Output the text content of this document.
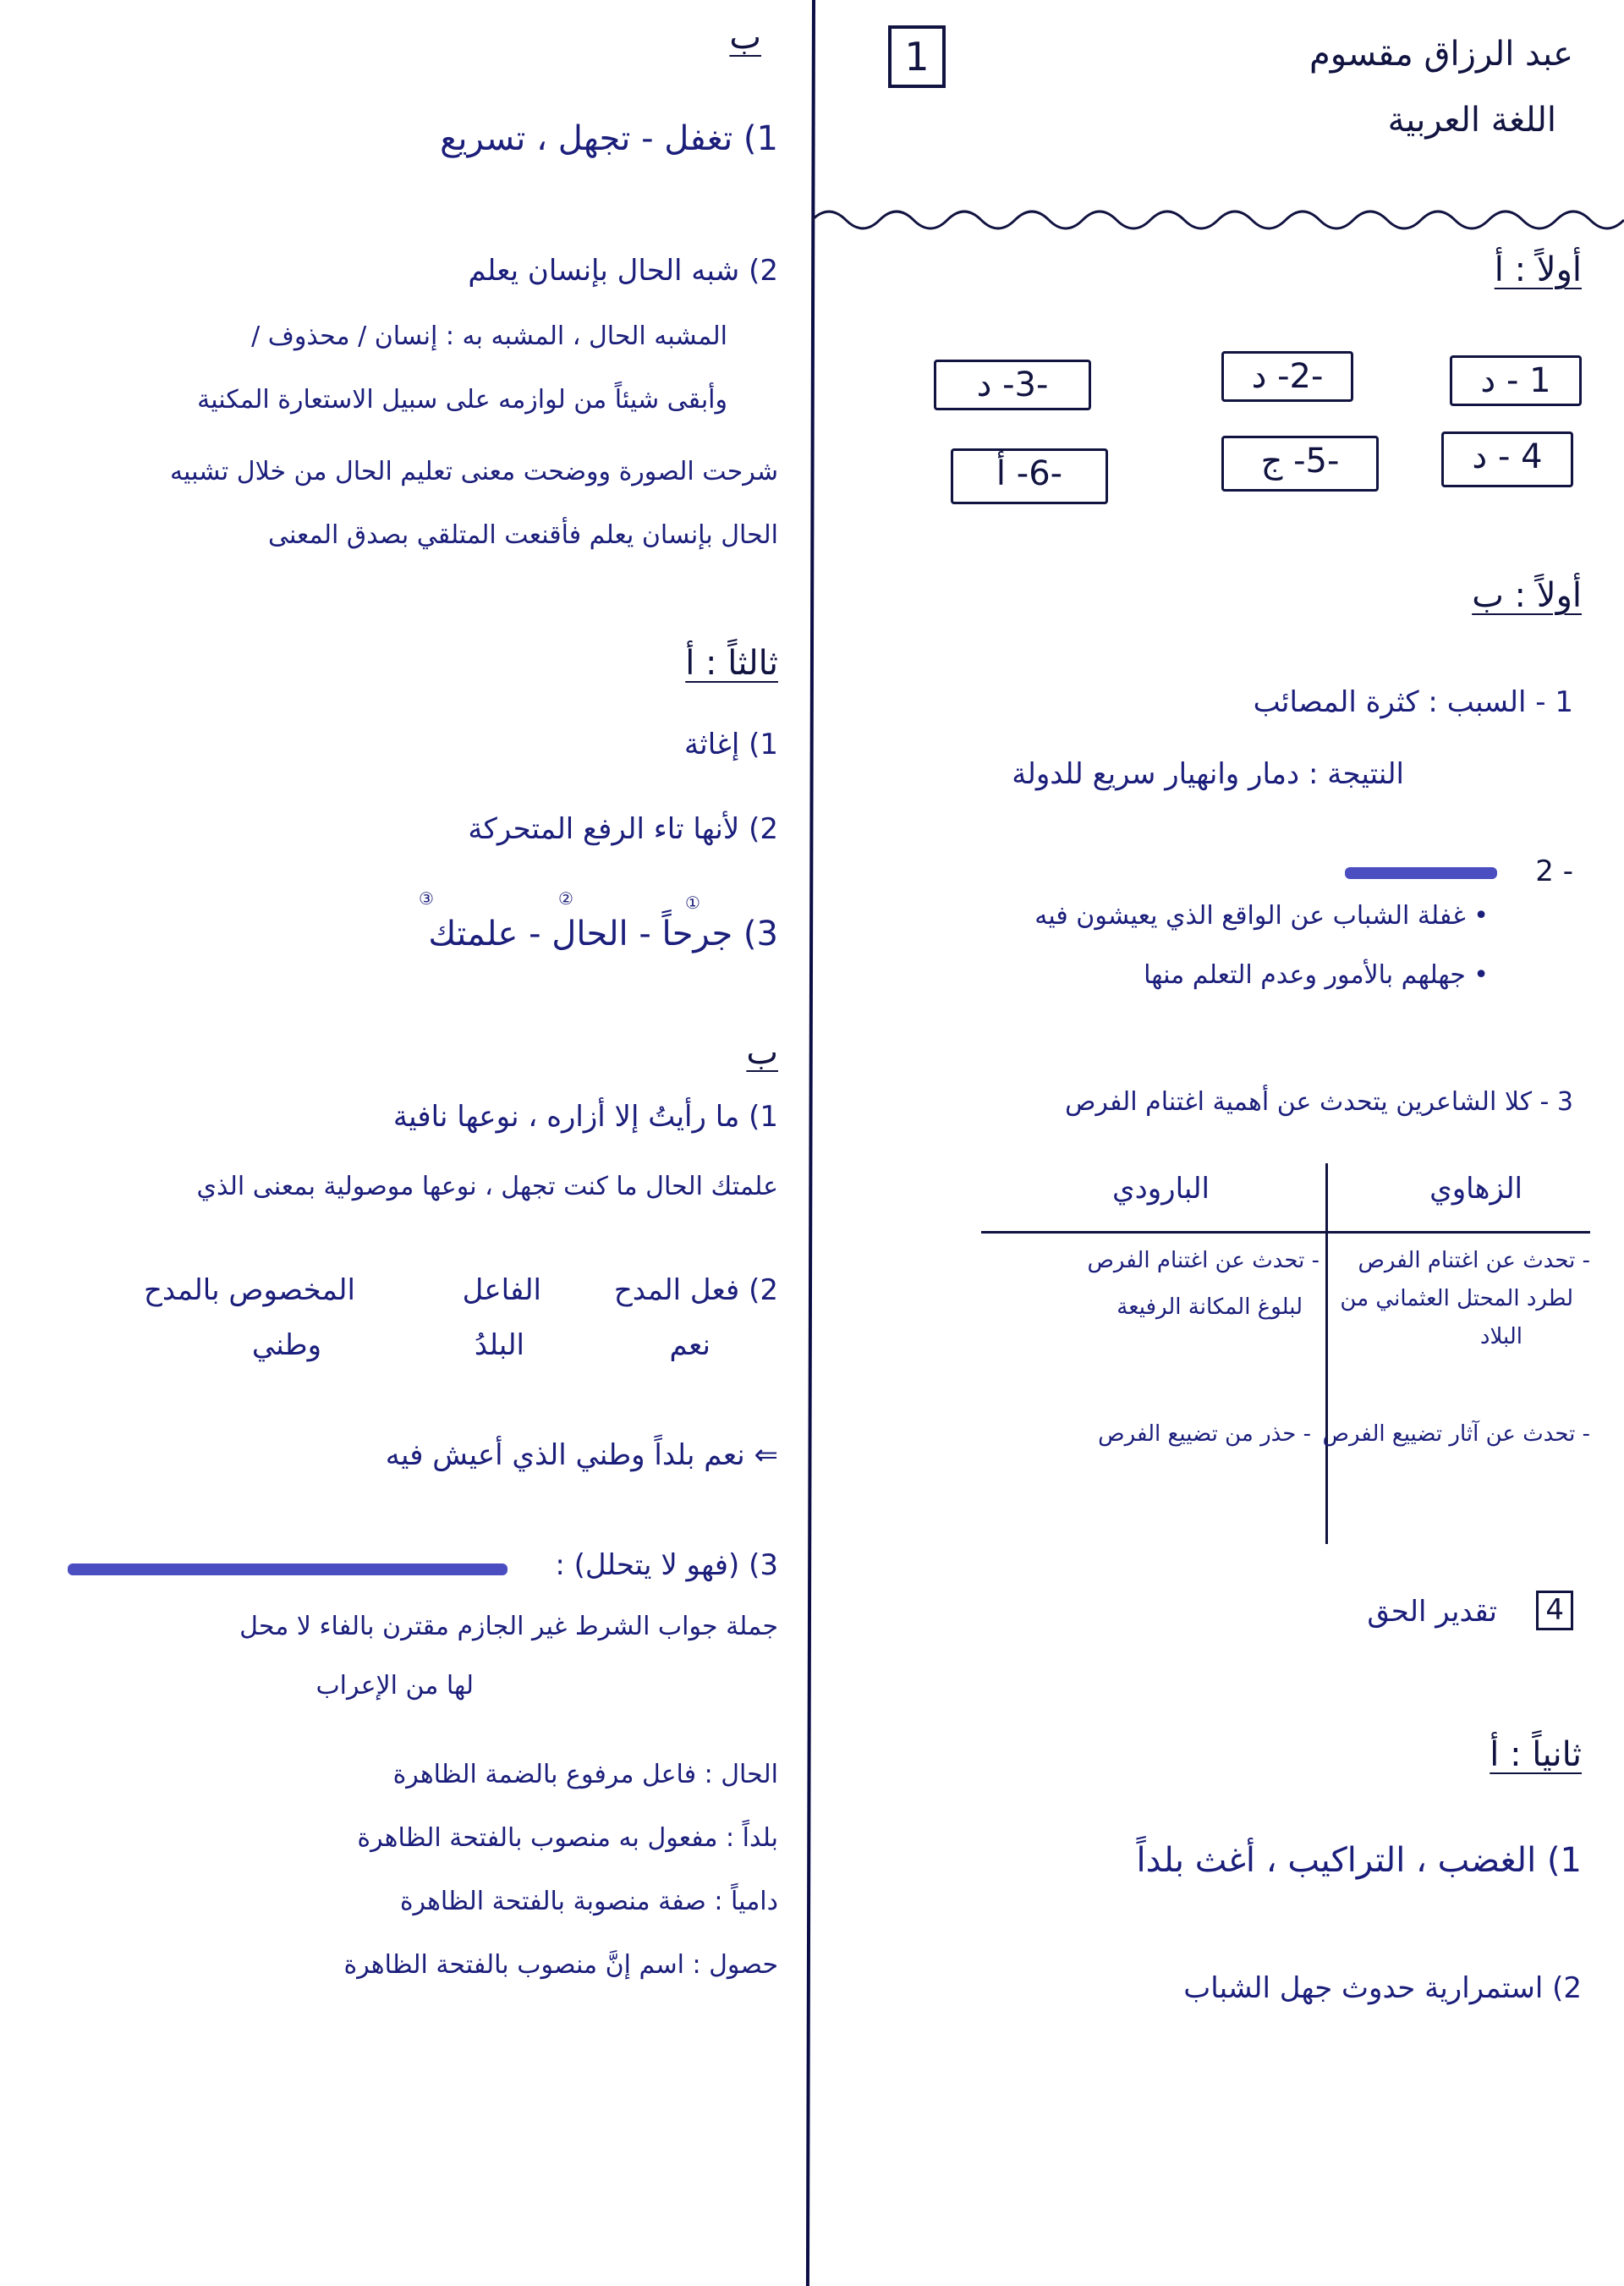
1	عبد الرزاق مقسوم
اللغة العربية
أولاً : أ
1 - د
-2- د
-3- د
4 - د
-5- ج
-6- أ
أولاً : ب
1 - السبب : كثرة المصائب
النتيجة : دمار وانهيار سريع للدولة
- 2
• غفلة الشباب عن الواقع الذي يعيشون فيه
• جهلهم بالأمور وعدم التعلم منها
3 - كلا الشاعرين يتحدث عن أهمية اغتنام الفرص
الزهاوي
البارودي
- تحدث عن اغتنام الفرص
لطرد المحتل العثماني من
البلاد
- تحدث عن اغتنام الفرص
لبلوغ المكانة الرفيعة
- تحدث عن آثار تضييع الفرص
- حذر من تضييع الفرص
4
تقدير الحق
ثانياً : أ
1) الغضب ، التراكيب ، أغث بلداً
2) استمرارية حدوث جهل الشباب
ب
1) تغفل - تجهل ، تسريع
2) شبه الحال بإنسان يعلم
المشبه الحال ، المشبه به : إنسان / محذوف /
وأبقى شيئاً من لوازمه على سبيل الاستعارة المكنية
شرحت الصورة ووضحت معنى تعليم الحال من خلال تشبيه
الحال بإنسان يعلم فأقنعت المتلقي بصدق المعنى
ثالثاً : أ
1) إغاثة
2) لأنها تاء الرفع المتحركة
3) جرحاً - الحال - علمتك
①
②
③
ب
1) ما رأيتُ إلا أزاره ، نوعها نافية
علمتك الحال ما كنت تجهل ، نوعها موصولية بمعنى الذي
2) فعل المدح
الفاعل
المخصوص بالمدح
نعم
البلدُ
وطني
⇐ نعم بلداً وطني الذي أعيش فيه
3) (فهو لا يتحلل) :
جملة جواب الشرط غير الجازم مقترن بالفاء لا محل
لها من الإعراب
الحال : فاعل مرفوع بالضمة الظاهرة
بلداً : مفعول به منصوب بالفتحة الظاهرة
دامياً : صفة منصوبة بالفتحة الظاهرة
حصول : اسم إنَّ منصوب بالفتحة الظاهرة
